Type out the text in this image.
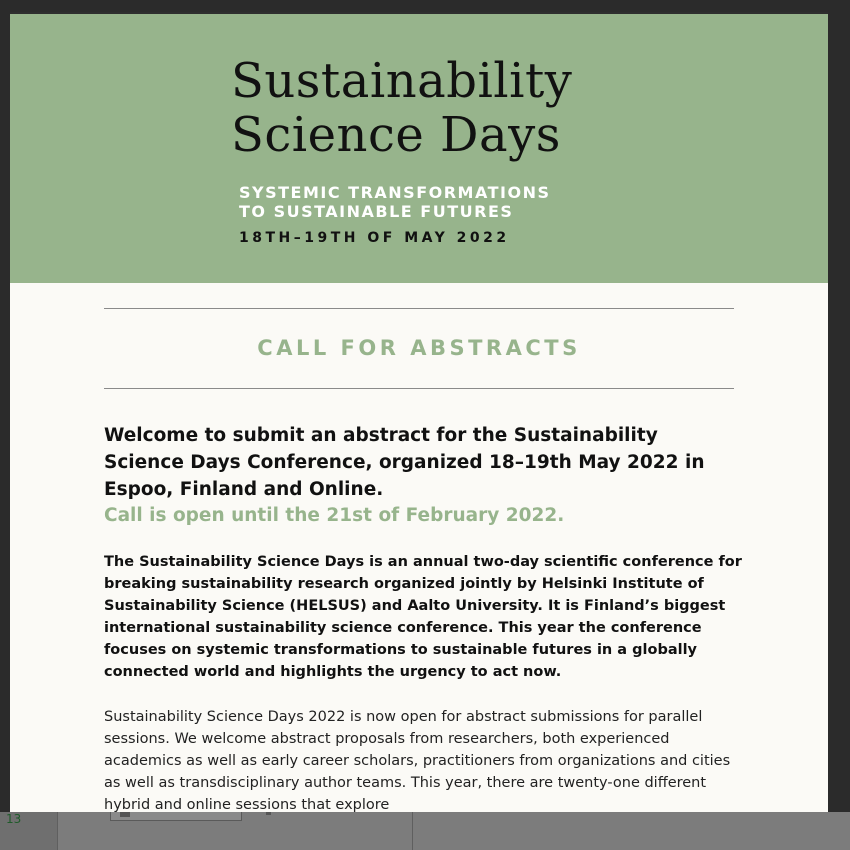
Sustainability
Science Days
SYSTEMIC TRANSFORMATIONS
TO SUSTAINABLE FUTURES
18TH–19TH OF MAY 2022
CALL FOR ABSTRACTS
Welcome to submit an abstract for the Sustainability Science Days Conference, organized 18–19th May 2022 in Espoo, Finland and Online.
Call is open until the 21st of February 2022.
The Sustainability Science Days is an annual two-day scientific conference for breaking sustainability research organized jointly by Helsinki Institute of Sustainability Science (HELSUS) and Aalto University. It is Finland’s biggest international sustainability science conference. This year the conference focuses on systemic transformations to sustainable futures in a globally connected world and highlights the urgency to act now.
Sustainability Science Days 2022 is now open for abstract submissions for parallel sessions. We welcome abstract proposals from researchers, both experienced academics as well as early career scholars, practitioners from organizations and cities as well as transdisciplinary author teams. This year, there are twenty-one different hybrid and online sessions that explore
13
